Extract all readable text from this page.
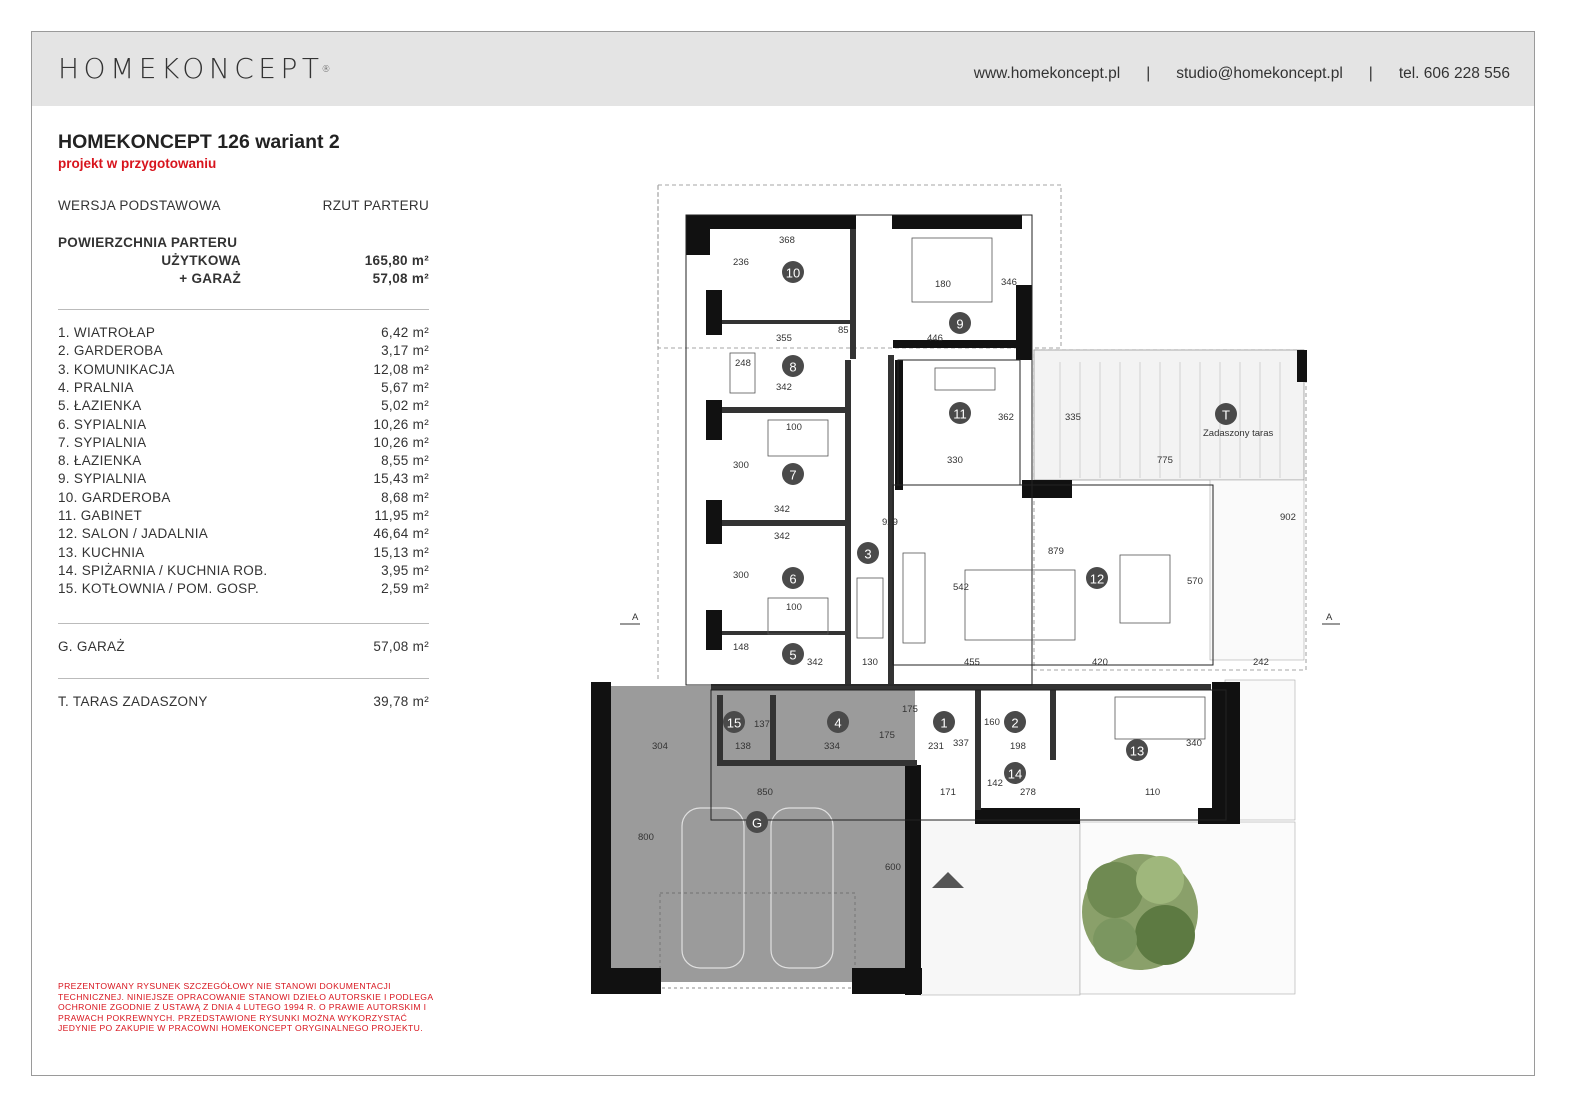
HOMEKONCEPT®	www.homekoncept.pl | studio@homekoncept.pl | tel. 606 228 556
HOMEKONCEPT 126 wariant 2
projekt w przygotowaniu
WERSJA PODSTAWOWA	RZUT PARTERU
POWIERZCHNIA PARTERU
UŻYTKOWA	165,80 m²
+ GARAŻ	57,08 m²
1. WIATROŁAP	6,42 m²
2. GARDEROBA	3,17 m²
3. KOMUNIKACJA	12,08 m²
4. PRALNIA	5,67 m²
5. ŁAZIENKA	5,02 m²
6. SYPIALNIA	10,26 m²
7. SYPIALNIA	10,26 m²
8. ŁAZIENKA	8,55 m²
9. SYPIALNIA	15,43 m²
10. GARDEROBA	8,68 m²
11. GABINET	11,95 m²
12. SALON / JADALNIA	46,64 m²
13. KUCHNIA	15,13 m²
14. SPIŻARNIA / KUCHNIA ROB.	3,95 m²
15. KOTŁOWNIA / POM. GOSP.	2,59 m²
G. GARAŻ	57,08 m²
T. TARAS ZADASZONY	39,78 m²
PREZENTOWANY RYSUNEK SZCZEGÓŁOWY NIE STANOWI DOKUMENTACJI TECHNICZNEJ. NINIEJSZE OPRACOWANIE STANOWI DZIEŁO AUTORSKIE I PODLEGA OCHRONIE ZGODNIE Z USTAWĄ Z DNIA 4 LUTEGO 1994 R. O PRAWIE AUTORSKIM I PRAWACH POKREWNYCH. PRZEDSTAWIONE RYSUNKI MOŻNA WYKORZYSTAĆ JEDYNIE PO ZAKUPIE W PRACOWNI HOMEKONCEPT ORYGINALNEGO PROJEKTU.
Zadaszony taras
1	2
3
4
5
6
7
8
9
10
11
12
13
14
15
G
T
368
236
180	346
446
355
85
248
342
330
362	335
775
100
300
342
342
300
100
929
542
879
570
902
148
342	130	455	420	242
137
138	334
175
175
231 337
160
198	340
304
850
800
600
171
142
278	110
A	A
